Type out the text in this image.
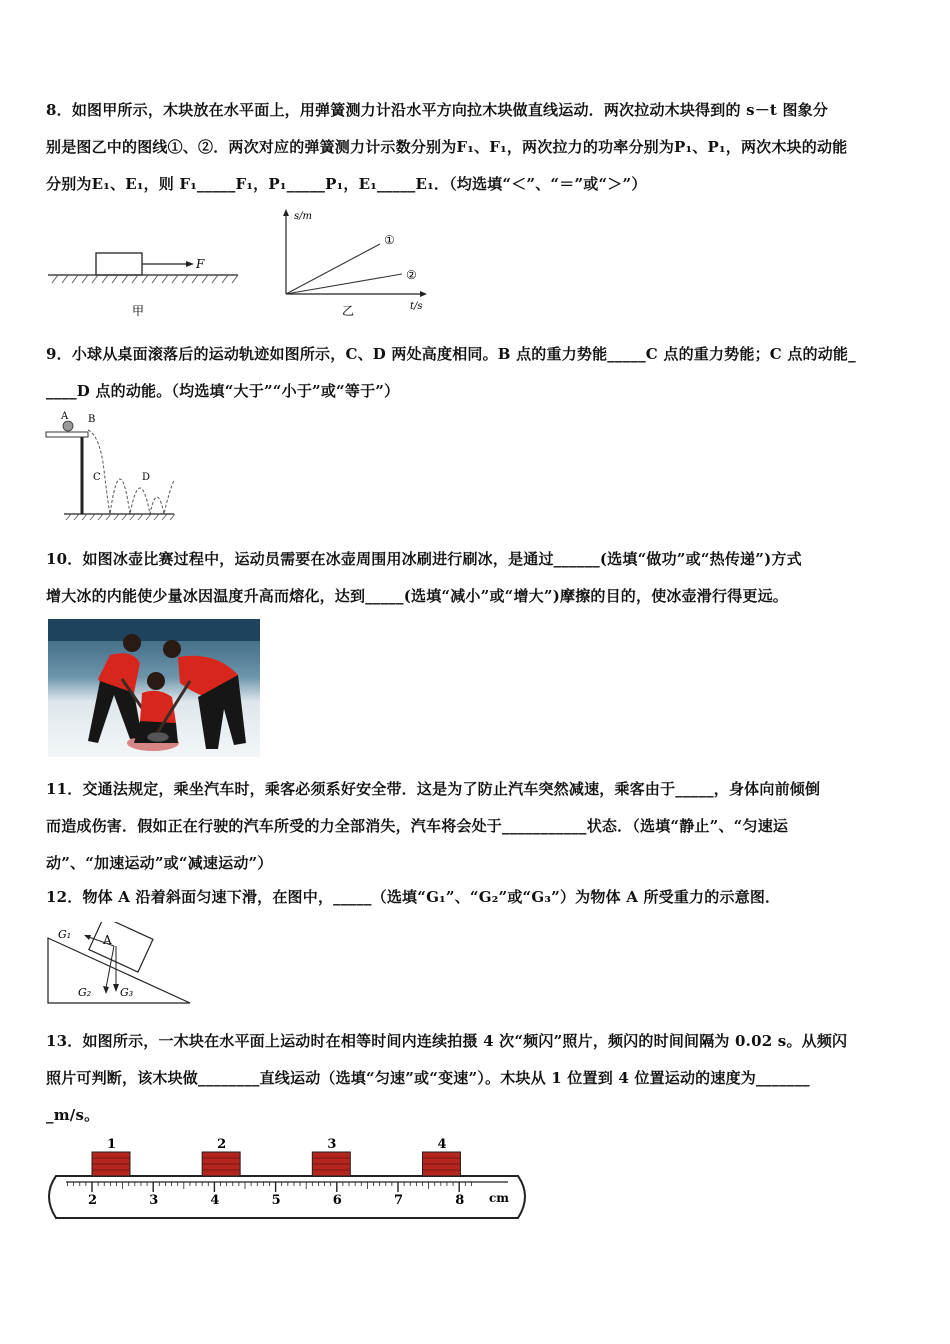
8．如图甲所示，木块放在水平面上，用弹簧测力计沿水平方向拉木块做直线运动．两次拉动木块得到的 s－t 图象分
别是图乙中的图线①、②．两次对应的弹簧测力计示数分别为F₁、F₁，两次拉力的功率分别为P₁、P₁，两次木块的动能
分别为E₁、E₁，则 F₁_____F₁，P₁_____P₁，E₁_____E₁．（均选填“＜”、“＝”或“＞”）
F
甲
s/m
t/s
①
②
乙
9．小球从桌面滚落后的运动轨迹如图所示，C、D 两处高度相同。B 点的重力势能_____C 点的重力势能；C 点的动能_
____D 点的动能。（均选填“大于”“小于”或“等于”）
A B
C	D
10．如图冰壶比赛过程中，运动员需要在冰壶周围用冰刷进行刷冰，是通过______(选填“做功”或“热传递”)方式
增大冰的内能使少量冰因温度升高而熔化，达到_____(选填“减小”或“增大”)摩擦的目的，使冰壶滑行得更远。
11．交通法规定，乘坐汽车时，乘客必须系好安全带．这是为了防止汽车突然减速，乘客由于_____，身体向前倾倒
而造成伤害．假如正在行驶的汽车所受的力全部消失，汽车将会处于___________状态．（选填“静止”、“匀速运
动”、“加速运动”或“减速运动”）
12．物体 A 沿着斜面匀速下滑，在图中，_____（选填“G₁”、“G₂”或“G₃”）为物体 A 所受重力的示意图．
A
G₁
G₂	G₃
13．如图所示，一木块在水平面上运动时在相等时间内连续拍摄 4 次“频闪”照片，频闪的时间间隔为 0.02 s。从频闪
照片可判断，该木块做________直线运动（选填“匀速”或“变速”）。木块从 1 位置到 4 位置运动的速度为_______
_m/s。
2	3	4	5	6	7	8
1	2	3	4
cm
